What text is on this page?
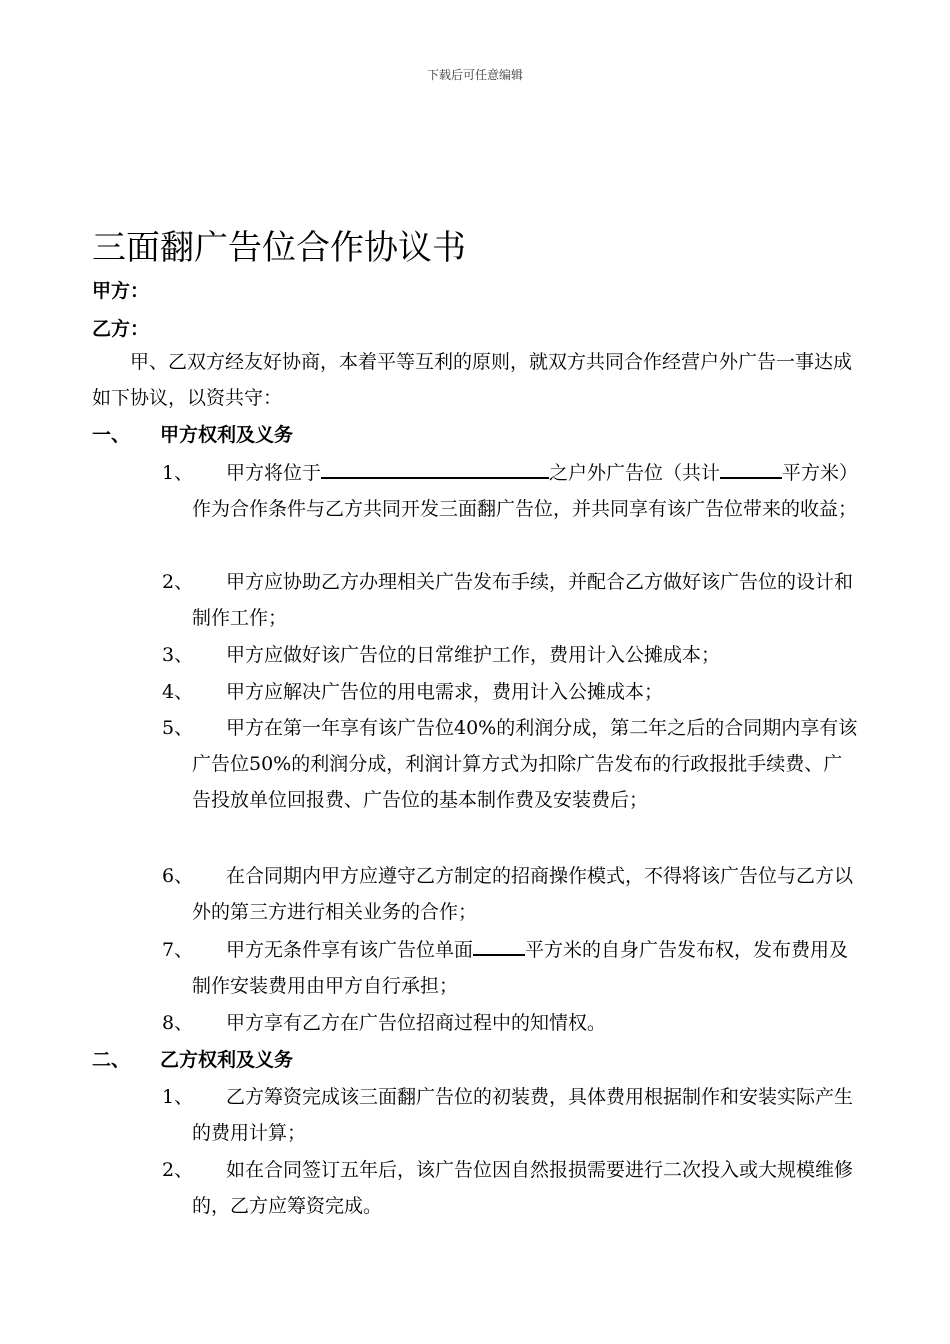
下载后可任意编辑
三面翻广告位合作协议书
甲方：
乙方：

甲、乙双方经友好协商，本着平等互利的原则，就双方共同合作经营户外广告一事达成如下协议，以资共守：

一、 甲方权利及义务
1、	甲方将位于	之户外广告位（共计	平方米）作为合作条件与乙方共同开发三面翻广告位，并共同享有该广告位带来的收益；
2、	甲方应协助乙方办理相关广告发布手续，并配合乙方做好该广告位的设计和制作工作；
3、	甲方应做好该广告位的日常维护工作，费用计入公摊成本；
4、	甲方应解决广告位的用电需求，费用计入公摊成本；
5、	甲方在第一年享有该广告位40%的利润分成，第二年之后的合同期内享有该广告位50%的利润分成，利润计算方式为扣除广告发布的行政报批手续费、广告投放单位回报费、广告位的基本制作费及安装费后；
6、	在合同期内甲方应遵守乙方制定的招商操作模式，不得将该广告位与乙方以外的第三方进行相关业务的合作；
7、	甲方无条件享有该广告位单面	平方米的自身广告发布权，发布费用及制作安装费用由甲方自行承担；
8、	甲方享有乙方在广告位招商过程中的知情权。
二、 乙方权利及义务
1、	乙方筹资完成该三面翻广告位的初装费，具体费用根据制作和安装实际产生的费用计算；
2、	如在合同签订五年后，该广告位因自然报损需要进行二次投入或大规模维修的，乙方应筹资完成。
